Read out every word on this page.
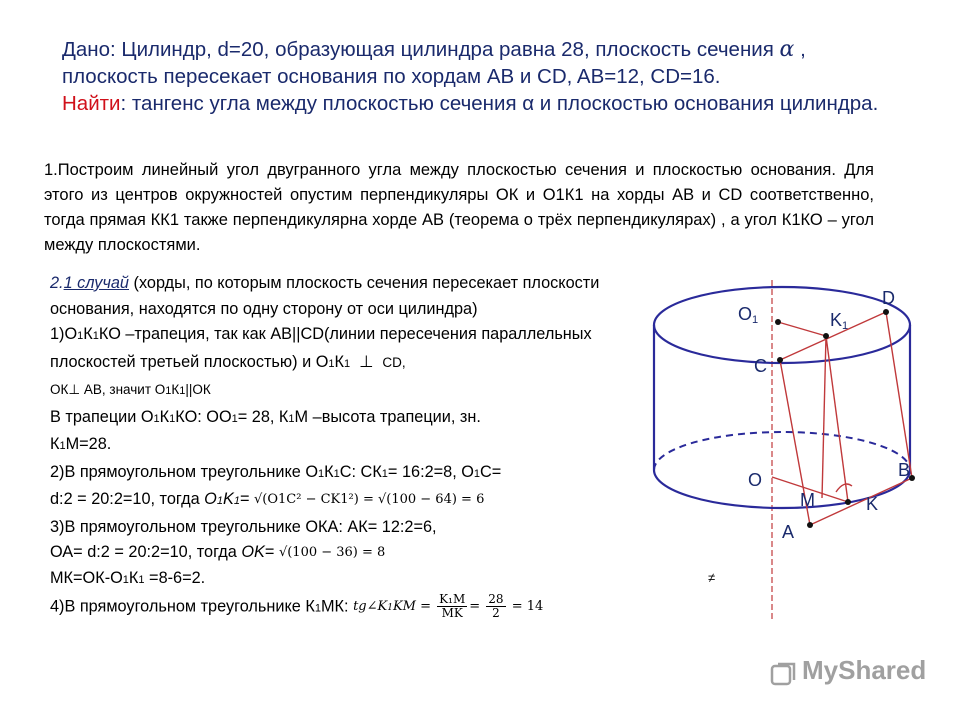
Дано: Цилиндр, d=20, образующая цилиндра равна 28, плоскость сечения α ,
плоскость пересекает основания по хордам AB и CD, AB=12, CD=16.
Найти: тангенс угла между плоскостью сечения α и плоскостью основания цилиндра.
1.Построим линейный угол двугранного угла между плоскостью сечения и плоскостью основания. Для этого из центров окружностей опустим перпендикуляры ОК и О1К1 на хорды АВ и CD соответственно, тогда прямая КК1 также перпендикулярна хорде АВ (теорема о трёх перпендикулярах) , а угол К1КО – угол между плоскостями.

2.1 случай (хорды, по которым плоскость сечения пересекает плоскости основания, находятся по одну сторону от оси цилиндра)

1)О1К1КО –трапеция, так как AB||CD(линии пересечения параллельных плоскостей третьей плоскостью) и О1К1  ⊥  CD,

ОК⊥ AB, значит О1К1||ОК

В трапеции О1К1КО: ОО1= 28, К1М –высота трапеции, зн.

К1М=28.

2)В прямоугольном треугольнике О1К1С: СК1= 16:2=8, О1С=

d:2 = 20:2=10, тогда O1K1= √(O1C² − CK1²) = √(100 − 64) = 6

3)В прямоугольном треугольнике ОКА: АК= 12:2=6,

ОА= d:2 = 20:2=10, тогда OK= √(100 − 36) = 8

МК=ОК-О1К1 =8-6=2.

4)В прямоугольном треугольнике К1МК: tg∠K1KM = $\frac{\text{K₁M}}{MK} = \frac{28}{2} = 14$

O1	K1
D
C
O	B
M	K
A
≠
MyShared
